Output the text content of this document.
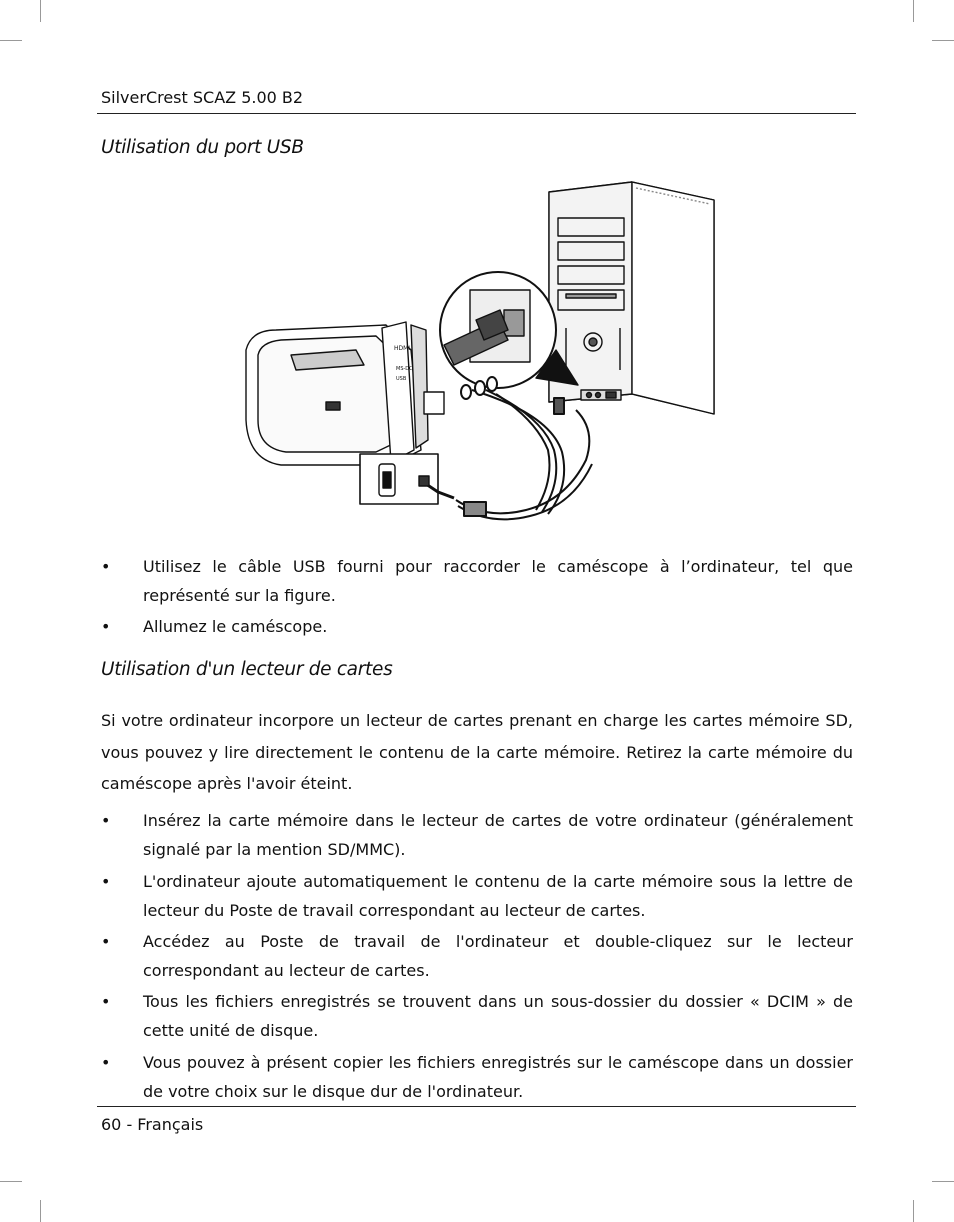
SilverCrest SCAZ 5.00 B2
Utilisation du port USB
HDMI
MS-DC
USB
• Utilisez le câble USB fourni pour raccorder le caméscope à l’ordinateur, tel que représenté sur la figure.
• Allumez le caméscope.
Utilisation d'un lecteur de cartes
Si votre ordinateur incorpore un lecteur de cartes prenant en charge les cartes mémoire SD, vous pouvez y lire directement le contenu de la carte mémoire. Retirez la carte mémoire du caméscope après l'avoir éteint.
• Insérez la carte mémoire dans le lecteur de cartes de votre ordinateur (généralement signalé par la mention SD/MMC).
• L'ordinateur ajoute automatiquement le contenu de la carte mémoire sous la lettre de lecteur du Poste de travail correspondant au lecteur de cartes.
• Accédez au Poste de travail de l'ordinateur et double-cliquez sur le lecteur correspondant au lecteur de cartes.
• Tous les fichiers enregistrés se trouvent dans un sous-dossier du dossier « DCIM » de cette unité de disque.
• Vous pouvez à présent copier les fichiers enregistrés sur le caméscope dans un dossier de votre choix sur le disque dur de l'ordinateur.
60 - Français
